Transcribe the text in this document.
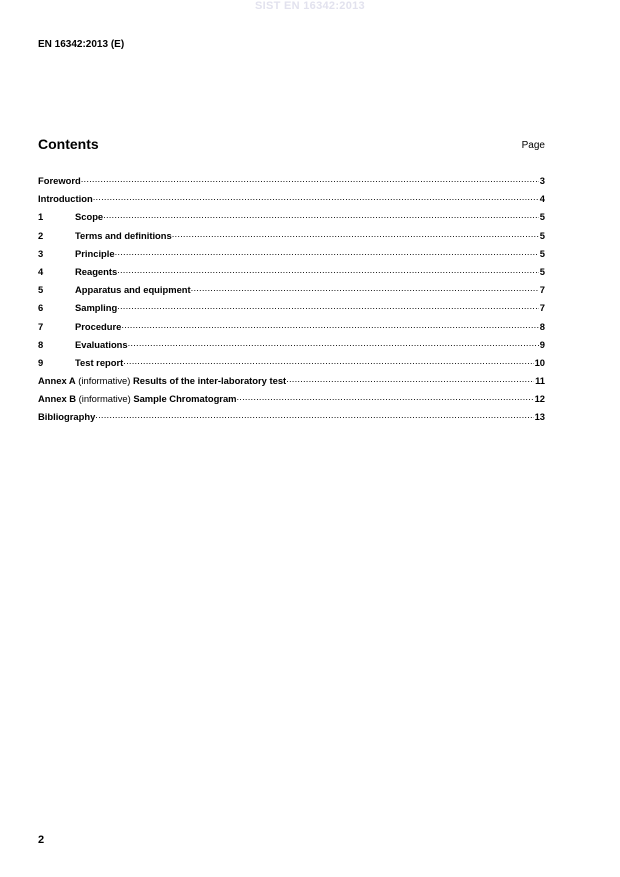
SIST EN 16342:2013
EN 16342:2013 (E)
Contents	Page
Foreword .....	3
Introduction .....	4
1	Scope .....	5
2	Terms and definitions .....	5
3	Principle .....	5
4	Reagents .....	5
5	Apparatus and equipment .....	7
6	Sampling .....	7
7	Procedure .....	8
8	Evaluations .....	9
9	Test report .....	10
Annex A (informative) Results of the inter-laboratory test .....	11
Annex B (informative) Sample Chromatogram .....	12
Bibliography .....	13
2
